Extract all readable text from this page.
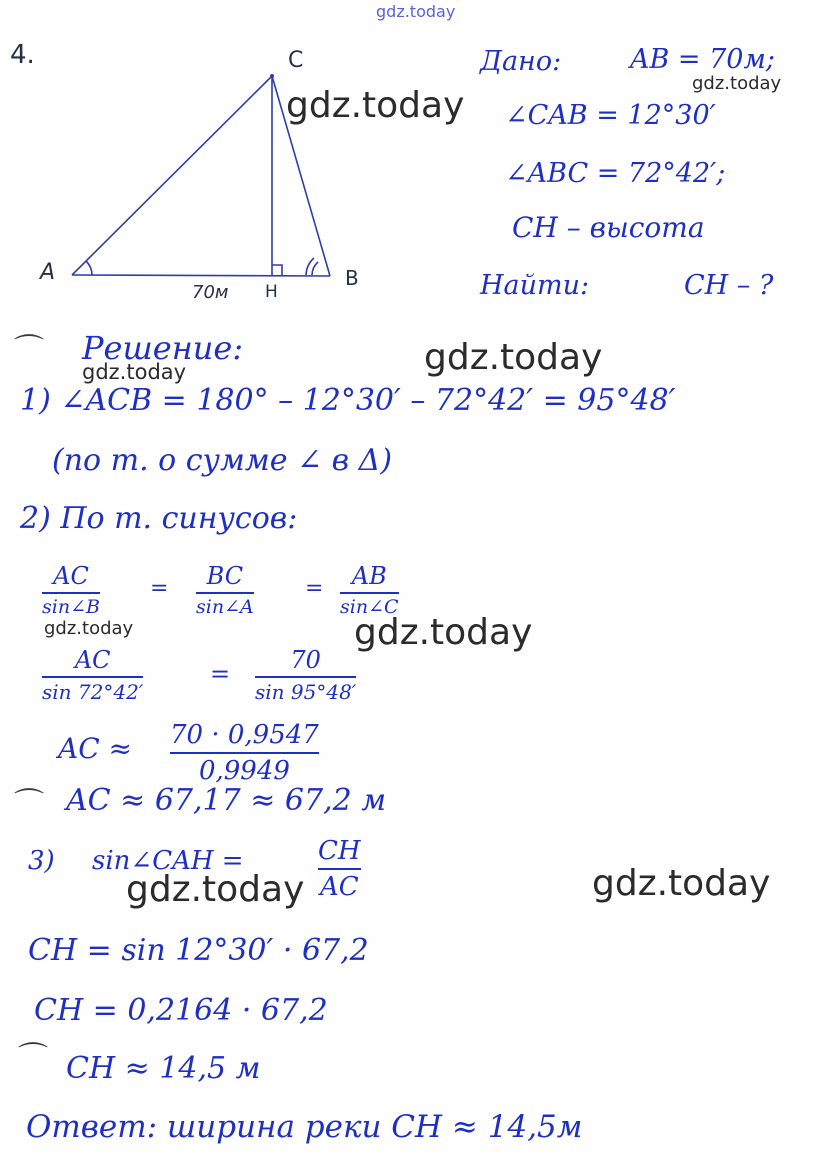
A	B
C
H
70м
4.	Дано:	AB = 70м;
∠CAB = 12°30′
∠ABC = 72°42′;
CH – высота
Найти:	CH – ?
⌒ Решение:
1) ∠ACB = 180° – 12°30′ – 72°42′ = 95°48′
(по т. о сумме ∠ в Δ)
2) По т. синусов:
AC
sin∠B
= BC
sin∠A
= AB
sin∠C
AC
sin 72°42′
=	70
sin 95°48′
AC ≈ 70 · 0,9547
0,9949
⌒ AC ≈ 67,17 ≈ 67,2 м
3) sin∠CAH =	CH
AC
CH = sin 12°30′ · 67,2
CH = 0,2164 · 67,2
⌒ CH ≈ 14,5 м
Ответ: ширина реки CH ≈ 14,5м
gdz.today
gdz.today
gdz.today
gdz.today
gdz.today
gdz.today
gdz.today
gdz.today	gdz.today
